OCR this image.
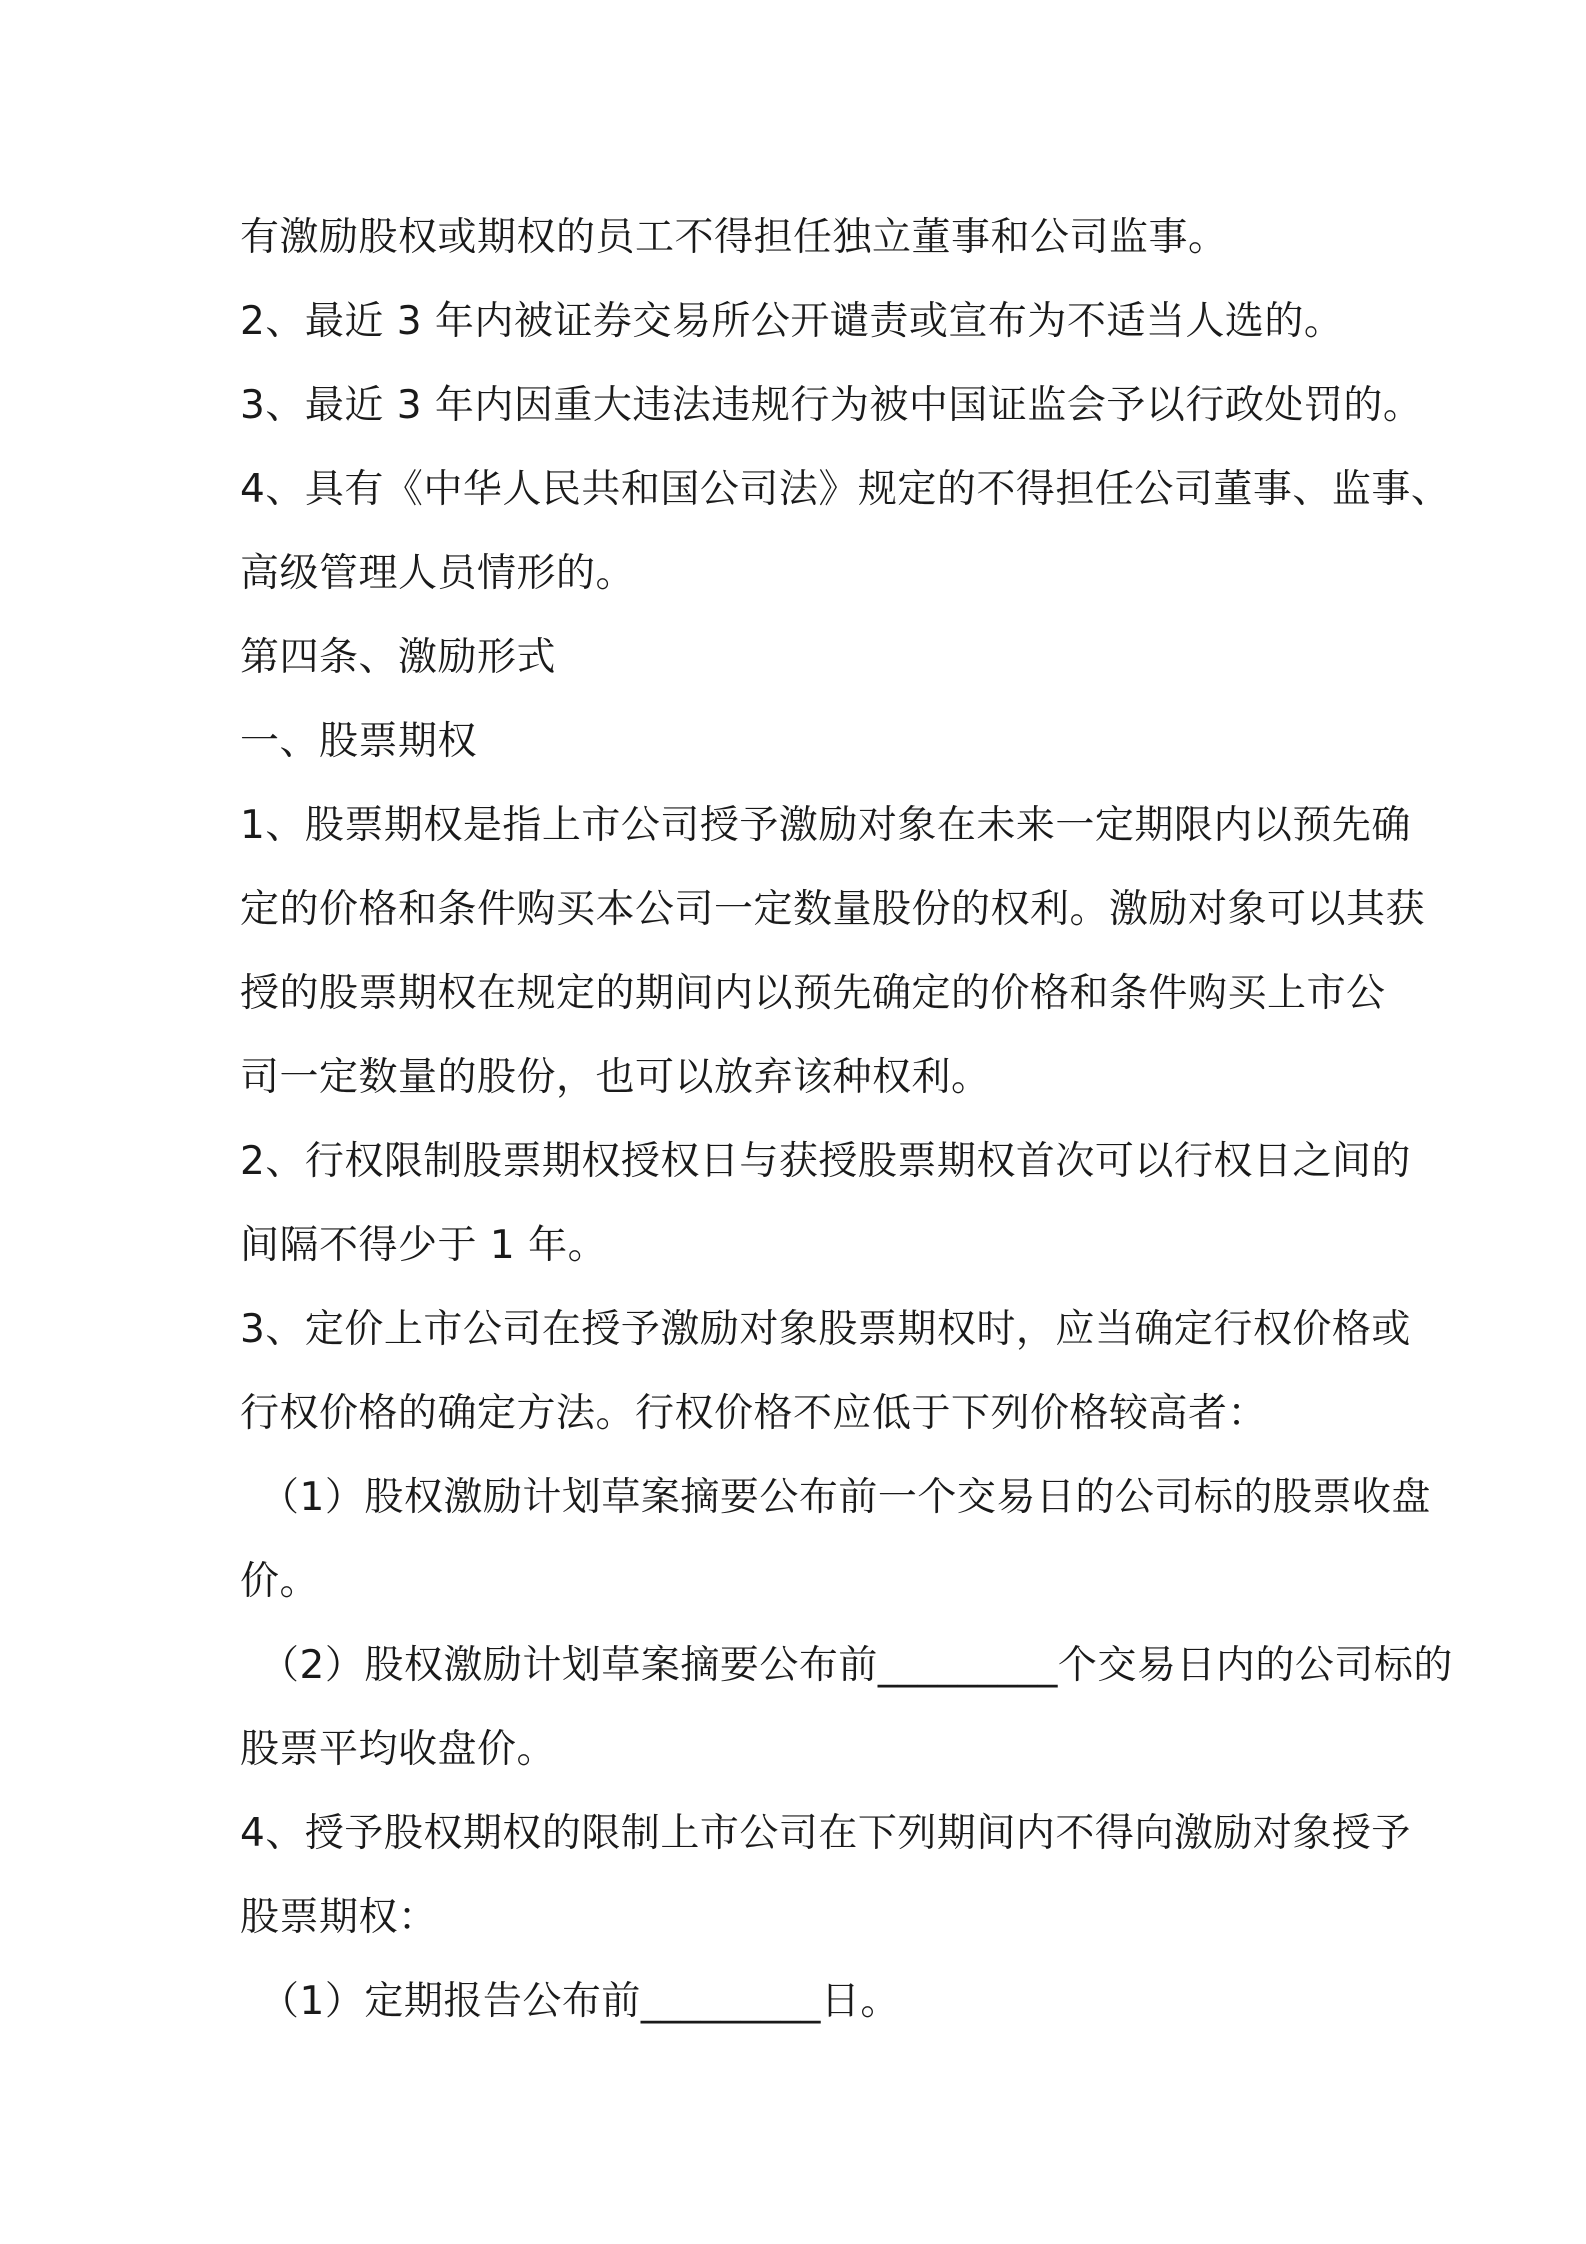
有激励股权或期权的员工不得担任独立董事和公司监事。
2、最近 3 年内被证券交易所公开谴责或宣布为不适当人选的。
3、最近 3 年内因重大违法违规行为被中国证监会予以行政处罚的。
4、具有《中华人民共和国公司法》规定的不得担任公司董事、监事、
高级管理人员情形的。
第四条、激励形式
一、股票期权
1、股票期权是指上市公司授予激励对象在未来一定期限内以预先确
定的价格和条件购买本公司一定数量股份的权利。激励对象可以其获
授的股票期权在规定的期间内以预先确定的价格和条件购买上市公
司一定数量的股份，也可以放弃该种权利。
2、行权限制股票期权授权日与获授股票期权首次可以行权日之间的
间隔不得少于 1 年。
3、定价上市公司在授予激励对象股票期权时，应当确定行权价格或
行权价格的确定方法。行权价格不应低于下列价格较高者：
（1）股权激励计划草案摘要公布前一个交易日的公司标的股票收盘
价。
（2）股权激励计划草案摘要公布前_________个交易日内的公司标的
股票平均收盘价。
4、授予股权期权的限制上市公司在下列期间内不得向激励对象授予
股票期权：
（1）定期报告公布前_________日。
